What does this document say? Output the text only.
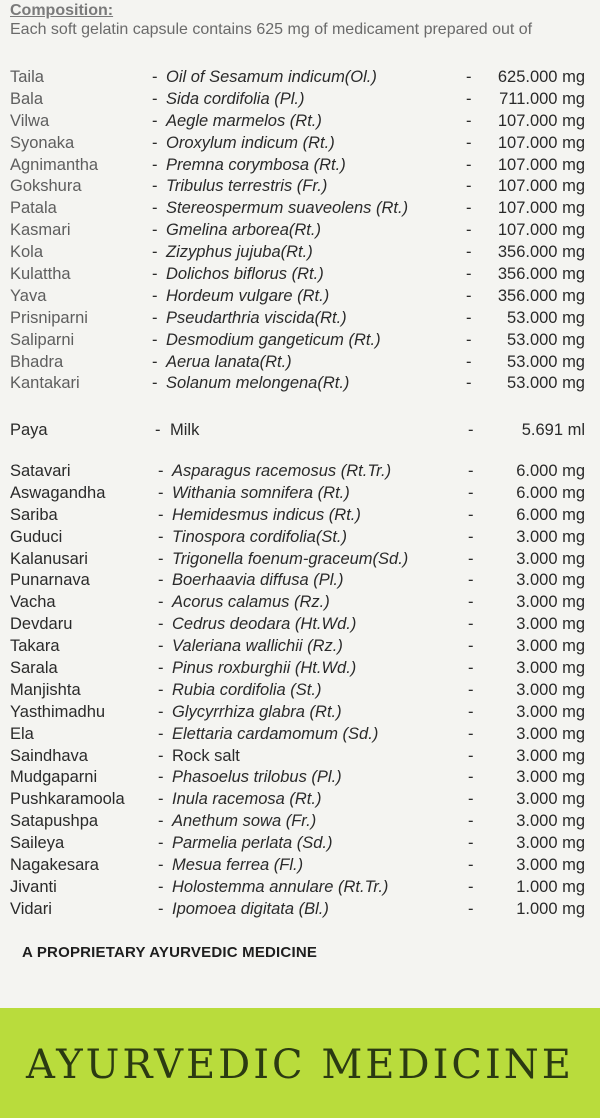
Composition:
Each soft gelatin capsule contains 625 mg of medicament prepared out of
Taila	- Oil of Sesamum indicum(Ol.)	- 625.000 mg
Bala	- Sida cordifolia (Pl.)	- 711.000 mg
Vilwa	- Aegle marmelos (Rt.)	- 107.000 mg
Syonaka	- Oroxylum indicum (Rt.)	- 107.000 mg
Agnimantha	- Premna corymbosa (Rt.)	- 107.000 mg
Gokshura	- Tribulus terrestris (Fr.)	- 107.000 mg
Patala	- Stereospermum suaveolens (Rt.)	- 107.000 mg
Kasmari	- Gmelina arborea(Rt.)	- 107.000 mg
Kola	- Zizyphus jujuba(Rt.)	- 356.000 mg
Kulattha	- Dolichos biflorus (Rt.)	- 356.000 mg
Yava	- Hordeum vulgare (Rt.)	- 356.000 mg
Prisniparni	- Pseudarthria viscida(Rt.)	- 53.000 mg
Saliparni	- Desmodium gangeticum (Rt.)	- 53.000 mg
Bhadra	- Aerua lanata(Rt.)	- 53.000 mg
Kantakari	- Solanum melongena(Rt.)	- 53.000 mg
Paya	- Milk	-	5.691 ml
Satavari	- Asparagus racemosus (Rt.Tr.)	-	6.000 mg
Aswagandha	- Withania somnifera (Rt.)	-	6.000 mg
Sariba	- Hemidesmus indicus (Rt.)	-	6.000 mg
Guduci	- Tinospora cordifolia(St.)	-	3.000 mg
Kalanusari	- Trigonella foenum-graceum(Sd.)	-	3.000 mg
Punarnava	- Boerhaavia diffusa (Pl.)	-	3.000 mg
Vacha	- Acorus calamus (Rz.)	-	3.000 mg
Devdaru	- Cedrus deodara (Ht.Wd.)	-	3.000 mg
Takara	- Valeriana wallichii (Rz.)	-	3.000 mg
Sarala	- Pinus roxburghii (Ht.Wd.)	-	3.000 mg
Manjishta	- Rubia cordifolia (St.)	-	3.000 mg
Yasthimadhu	- Glycyrrhiza glabra (Rt.)	-	3.000 mg
Ela	- Elettaria cardamomum (Sd.)	-	3.000 mg
Saindhava	- Rock salt	-	3.000 mg
Mudgaparni	- Phasoelus trilobus (Pl.)	-	3.000 mg
Pushkaramoola - Inula racemosa (Rt.)	-	3.000 mg
Satapushpa	- Anethum sowa (Fr.)	-	3.000 mg
Saileya	- Parmelia perlata (Sd.)	-	3.000 mg
Nagakesara	- Mesua ferrea (Fl.)	-	3.000 mg
Jivanti	- Holostemma annulare (Rt.Tr.)	-	1.000 mg
Vidari	- Ipomoea digitata (Bl.)	-	1.000 mg
A PROPRIETARY AYURVEDIC MEDICINE
AYURVEDIC MEDICINE
